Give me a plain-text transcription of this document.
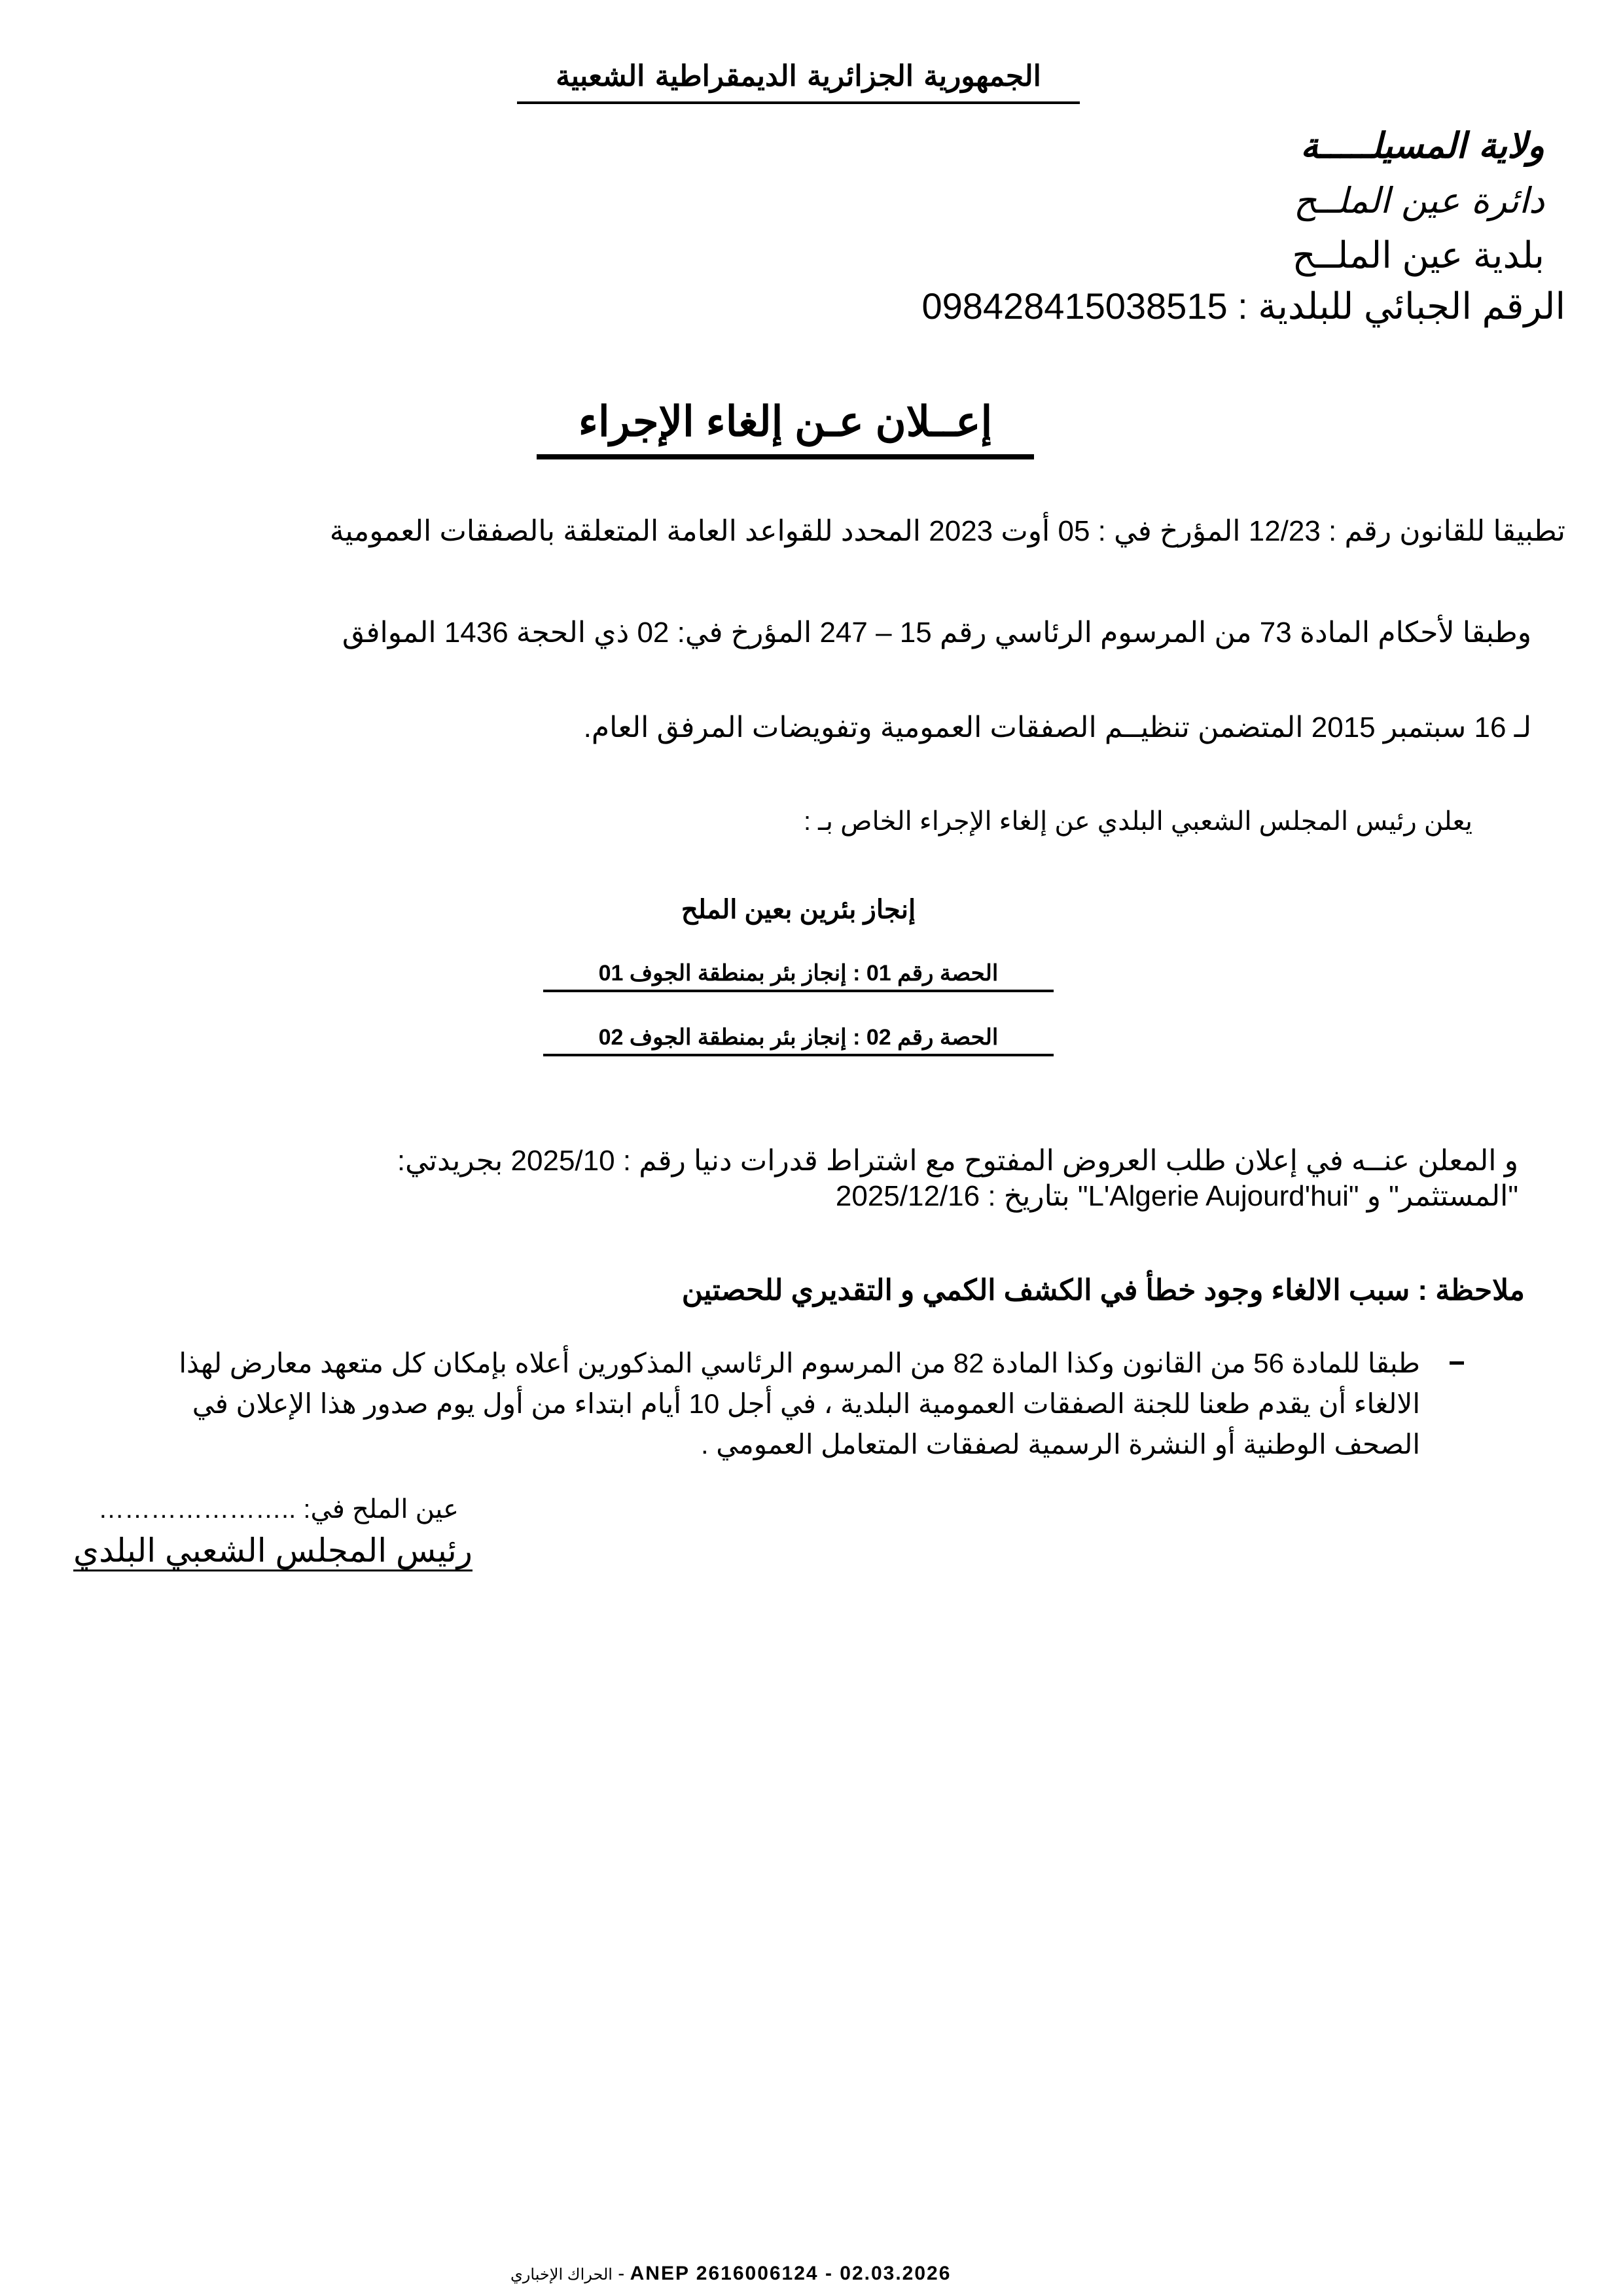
الجمهورية الجزائرية الديمقراطية الشعبية
ولاية المسيلـــــة
دائرة عين الملــح
بلدية عين الملــح
الرقم الجبائي للبلدية : 098428415038515
إعــلان عـن إلغاء الإجراء
تطبيقا للقانون رقم : 12/23 المؤرخ في : 05 أوت 2023 المحدد للقواعد العامة المتعلقة بالصفقات العمومية
وطبقا لأحكام المادة 73 من المرسوم الرئاسي رقم 15 – 247 المؤرخ في: 02 ذي الحجة 1436 الموافق
لـ 16 سبتمبر 2015 المتضمن تنظيــم الصفقات العمومية وتفويضات المرفق العام.
يعلن رئيس المجلس الشعبي البلدي عن إلغاء الإجراء الخاص بـ :
إنجاز بئرين بعين الملح
الحصة رقم 01 : إنجاز بئر بمنطقة الجوف 01
الحصة رقم 02 : إنجاز بئر بمنطقة الجوف 02
و المعلن عنــه في إعلان طلب العروض المفتوح مع اشتراط قدرات دنيا رقم : 2025/10 بجريدتي:
"المستثمر" و "L'Algerie Aujourd'hui" بتاريخ : 2025/12/16
ملاحظة : سبب الالغاء وجود خطأ في الكشف الكمي و التقديري للحصتين
طبقا للمادة 56 من القانون وكذا المادة 82 من المرسوم الرئاسي المذكورين أعلاه بإمكان كل متعهد معارض لهذا
الالغاء أن يقدم طعنا للجنة الصفقات العمومية البلدية ، في أجل 10 أيام ابتداء من أول يوم صدور هذا الإعلان في
الصحف الوطنية أو النشرة الرسمية لصفقات المتعامل العمومي .
عين الملح في: ..…………………
رئيس المجلس الشعبي البلدي
الحراك الإخباري - ANEP 2616006124 - 02.03.2026
